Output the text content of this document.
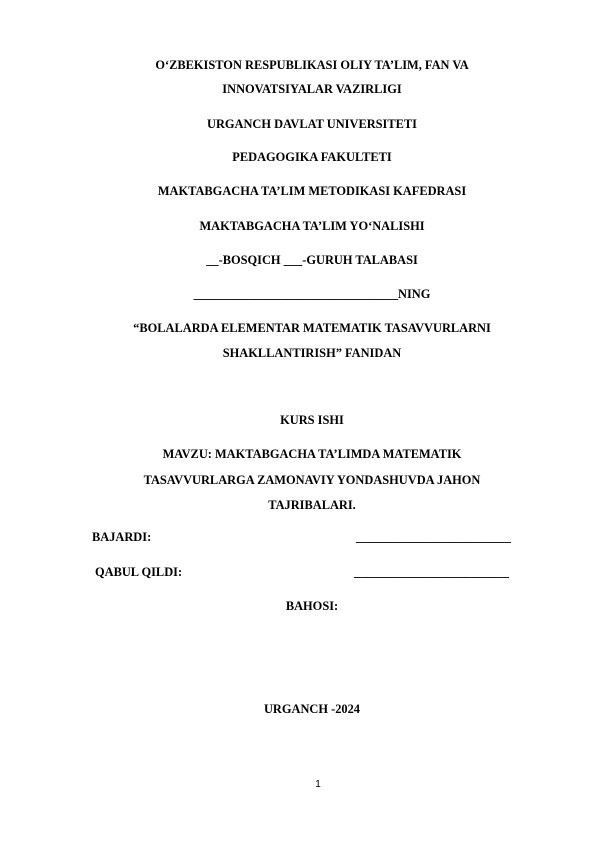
O‘ZBEKISTON RESPUBLIKASI OLIY TA’LIM, FAN VA
INNOVATSIYALAR VAZIRLIGI
URGANCH DAVLAT UNIVERSITETI
PEDAGOGIKA FAKULTETI
MAKTABGACHA TA’LIM METODIKASI KAFEDRASI
MAKTABGACHA TA’LIM YO‘NALISHI
__-BOSQICH ___-GURUH TALABASI
_________________________________NING
“BOLALARDA ELEMENTAR MATEMATIK TASAVVURLARNI
SHAKLLANTIRISH” FANIDAN
KURS ISHI
MAVZU: MAKTABGACHA TA’LIMDA MATEMATIK
TASAVVURLARGA ZAMONAVIY YONDASHUVDA JAHON
TAJRIBALARI.
BAJARDI:	_________________________
QABUL QILDI:	_________________________
BAHOSI:
URGANCH -2024
1
